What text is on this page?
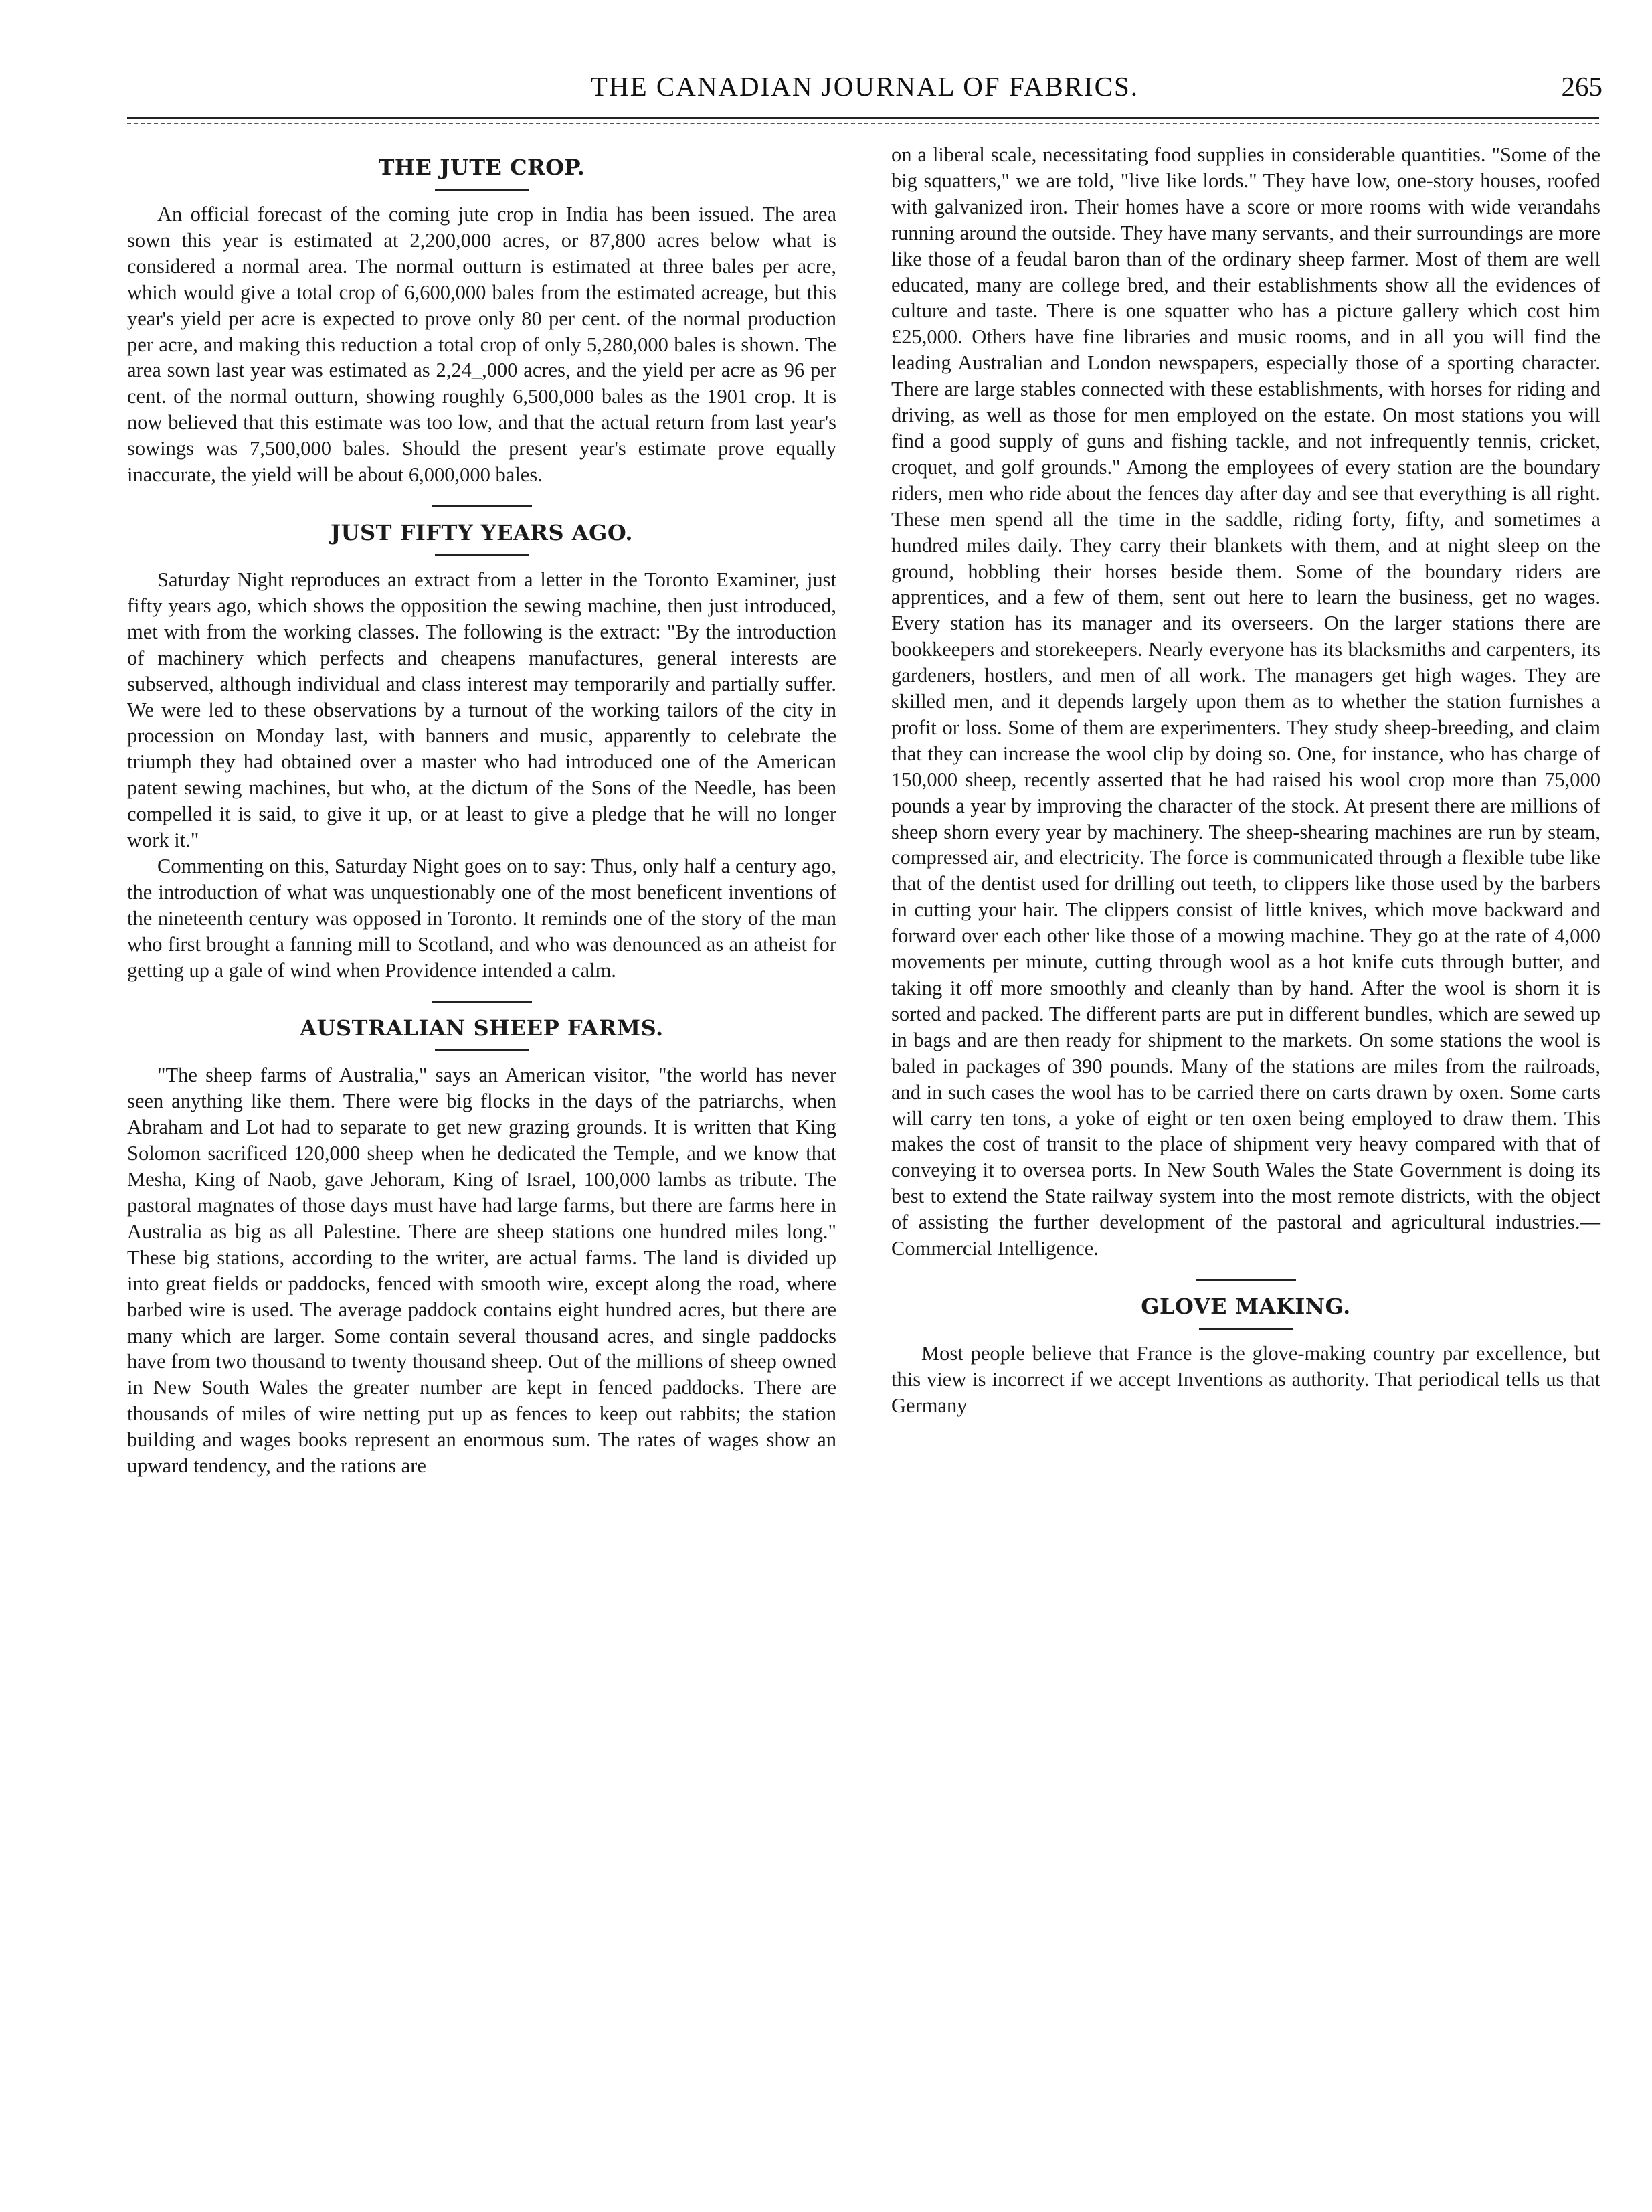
THE CANADIAN JOURNAL OF FABRICS.	265
THE JUTE CROP.

An official forecast of the coming jute crop in India has been issued. The area sown this year is estimated at 2,200,000 acres, or 87,800 acres below what is considered a normal area. The normal outturn is estimated at three bales per acre, which would give a total crop of 6,600,000 bales from the estimated acreage, but this year's yield per acre is expected to prove only 80 per cent. of the normal production per acre, and making this reduction a total crop of only 5,280,000 bales is shown. The area sown last year was estimated as 2,24_,000 acres, and the yield per acre as 96 per cent. of the normal outturn, showing roughly 6,500,000 bales as the 1901 crop. It is now believed that this estimate was too low, and that the actual return from last year's sowings was 7,500,000 bales. Should the present year's estimate prove equally inaccurate, the yield will be about 6,000,000 bales.

JUST FIFTY YEARS AGO.

Saturday Night reproduces an extract from a letter in the Toronto Examiner, just fifty years ago, which shows the opposition the sewing machine, then just introduced, met with from the working classes. The following is the extract: "By the introduction of machinery which perfects and cheapens manufactures, general interests are subserved, although individual and class interest may temporarily and partially suffer. We were led to these observations by a turnout of the working tailors of the city in procession on Monday last, with banners and music, apparently to celebrate the triumph they had obtained over a master who had introduced one of the American patent sewing machines, but who, at the dictum of the Sons of the Needle, has been compelled it is said, to give it up, or at least to give a pledge that he will no longer work it."

Commenting on this, Saturday Night goes on to say: Thus, only half a century ago, the introduction of what was unquestionably one of the most beneficent inventions of the nineteenth century was opposed in Toronto. It reminds one of the story of the man who first brought a fanning mill to Scotland, and who was denounced as an atheist for getting up a gale of wind when Providence intended a calm.

AUSTRALIAN SHEEP FARMS.

"The sheep farms of Australia," says an American visitor, "the world has never seen anything like them. There were big flocks in the days of the patriarchs, when Abraham and Lot had to separate to get new grazing grounds. It is written that King Solomon sacrificed 120,000 sheep when he dedicated the Temple, and we know that Mesha, King of Naob, gave Jehoram, King of Israel, 100,000 lambs as tribute. The pastoral magnates of those days must have had large farms, but there are farms here in Australia as big as all Palestine. There are sheep stations one hundred miles long." These big stations, according to the writer, are actual farms. The land is divided up into great fields or paddocks, fenced with smooth wire, except along the road, where barbed wire is used. The average paddock contains eight hundred acres, but there are many which are larger. Some contain several thousand acres, and single paddocks have from two thousand to twenty thousand sheep. Out of the millions of sheep owned in New South Wales the greater number are kept in fenced paddocks. There are thousands of miles of wire netting put up as fences to keep out rabbits; the station building and wages books represent an enormous sum. The rates of wages show an upward tendency, and the rations are

on a liberal scale, necessitating food supplies in considerable quantities. "Some of the big squatters," we are told, "live like lords." They have low, one-story houses, roofed with galvanized iron. Their homes have a score or more rooms with wide verandahs running around the outside. They have many servants, and their surroundings are more like those of a feudal baron than of the ordinary sheep farmer. Most of them are well educated, many are college bred, and their establishments show all the evidences of culture and taste. There is one squatter who has a picture gallery which cost him £25,000. Others have fine libraries and music rooms, and in all you will find the leading Australian and London newspapers, especially those of a sporting character. There are large stables connected with these establishments, with horses for riding and driving, as well as those for men employed on the estate. On most stations you will find a good supply of guns and fishing tackle, and not infrequently tennis, cricket, croquet, and golf grounds." Among the employees of every station are the boundary riders, men who ride about the fences day after day and see that everything is all right. These men spend all the time in the saddle, riding forty, fifty, and sometimes a hundred miles daily. They carry their blankets with them, and at night sleep on the ground, hobbling their horses beside them. Some of the boundary riders are apprentices, and a few of them, sent out here to learn the business, get no wages. Every station has its manager and its overseers. On the larger stations there are bookkeepers and storekeepers. Nearly everyone has its blacksmiths and carpenters, its gardeners, hostlers, and men of all work. The managers get high wages. They are skilled men, and it depends largely upon them as to whether the station furnishes a profit or loss. Some of them are experimenters. They study sheep-breeding, and claim that they can increase the wool clip by doing so. One, for instance, who has charge of 150,000 sheep, recently asserted that he had raised his wool crop more than 75,000 pounds a year by improving the character of the stock. At present there are millions of sheep shorn every year by machinery. The sheep-shearing machines are run by steam, compressed air, and electricity. The force is communicated through a flexible tube like that of the dentist used for drilling out teeth, to clippers like those used by the barbers in cutting your hair. The clippers consist of little knives, which move backward and forward over each other like those of a mowing machine. They go at the rate of 4,000 movements per minute, cutting through wool as a hot knife cuts through butter, and taking it off more smoothly and cleanly than by hand. After the wool is shorn it is sorted and packed. The different parts are put in different bundles, which are sewed up in bags and are then ready for shipment to the markets. On some stations the wool is baled in packages of 390 pounds. Many of the stations are miles from the railroads, and in such cases the wool has to be carried there on carts drawn by oxen. Some carts will carry ten tons, a yoke of eight or ten oxen being employed to draw them. This makes the cost of transit to the place of shipment very heavy compared with that of conveying it to oversea ports. In New South Wales the State Government is doing its best to extend the State railway system into the most remote districts, with the object of assisting the further development of the pastoral and agricultural industries.—Commercial Intelligence.

GLOVE MAKING.

Most people believe that France is the glove-making country par excellence, but this view is incorrect if we accept Inventions as authority. That periodical tells us that Germany
